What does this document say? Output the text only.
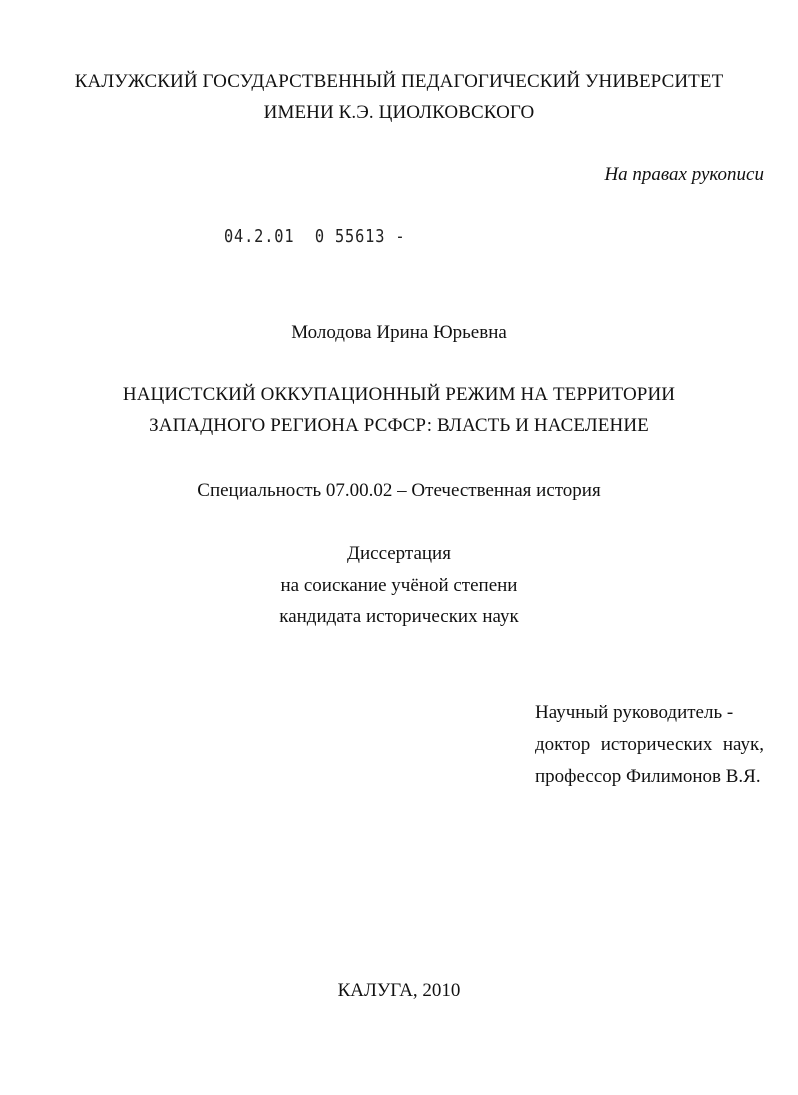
КАЛУЖСКИЙ ГОСУДАРСТВЕННЫЙ ПЕДАГОГИЧЕСКИЙ УНИВЕРСИТЕТ
ИМЕНИ К.Э. ЦИОЛКОВСКОГО
На правах рукописи
04.2.01 0 55613 -
Молодова Ирина Юрьевна
НАЦИСТСКИЙ ОККУПАЦИОННЫЙ РЕЖИМ НА ТЕРРИТОРИИ
ЗАПАДНОГО РЕГИОНА РСФСР: ВЛАСТЬ И НАСЕЛЕНИЕ
Специальность 07.00.02 – Отечественная история
Диссертация
на соискание учёной степени
кандидата исторических наук
Научный руководитель -
доктор исторических наук,
профессор Филимонов В.Я.
КАЛУГА, 2010
